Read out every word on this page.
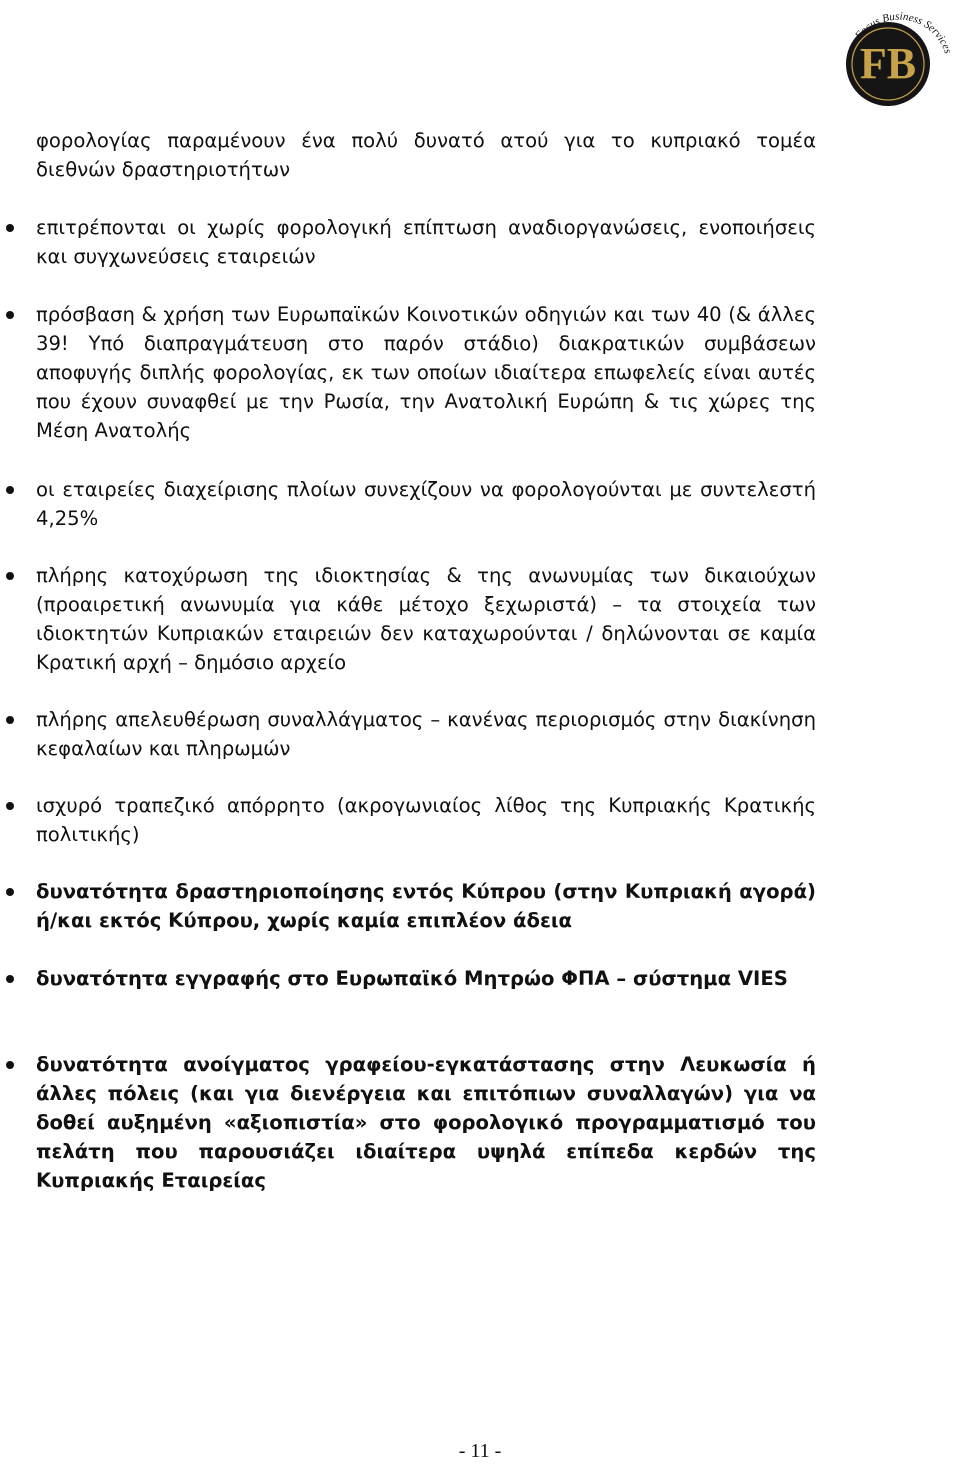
FB
Focus Business Services

φορολογίας παραμένουν ένα πολύ δυνατό ατού για το κυπριακό τομέα διεθνών δραστηριοτήτων

επιτρέπονται οι χωρίς φορολογική επίπτωση αναδιοργανώσεις, ενοποιήσεις και συγχωνεύσεις εταιρειών
πρόσβαση & χρήση των Ευρωπαϊκών Κοινοτικών οδηγιών και των 40 (& άλλες 39! Υπό διαπραγμάτευση στο παρόν στάδιο) διακρατικών συμβάσεων αποφυγής διπλής φορολογίας, εκ των οποίων ιδιαίτερα επωφελείς είναι αυτές που έχουν συναφθεί με την Ρωσία, την Ανατολική Ευρώπη & τις χώρες της Μέση Ανατολής
οι εταιρείες διαχείρισης πλοίων συνεχίζουν να φορολογούνται με συντελεστή 4,25%
πλήρης κατοχύρωση της ιδιοκτησίας & της ανωνυμίας των δικαιούχων (προαιρετική ανωνυμία για κάθε μέτοχο ξεχωριστά) – τα στοιχεία των ιδιοκτητών Κυπριακών εταιρειών δεν καταχωρούνται / δηλώνονται σε καμία Κρατική αρχή – δημόσιο αρχείο
πλήρης απελευθέρωση συναλλάγματος – κανένας περιορισμός στην διακίνηση κεφαλαίων και πληρωμών
ισχυρό τραπεζικό απόρρητο (ακρογωνιαίος λίθος της Κυπριακής Κρατικής πολιτικής)
δυνατότητα δραστηριοποίησης εντός Κύπρου (στην Κυπριακή αγορά) ή/και εκτός Κύπρου, χωρίς καμία επιπλέον άδεια
δυνατότητα εγγραφής στο Ευρωπαϊκό Μητρώο ΦΠΑ – σύστημα VIES
δυνατότητα ανοίγματος γραφείου-εγκατάστασης στην Λευκωσία ή άλλες πόλεις (και για διενέργεια και επιτόπιων συναλλαγών) για να δοθεί αυξημένη «αξιοπιστία» στο φορολογικό προγραμματισμό του πελάτη που παρουσιάζει ιδιαίτερα υψηλά επίπεδα κερδών της Κυπριακής Εταιρείας

- 11 -
